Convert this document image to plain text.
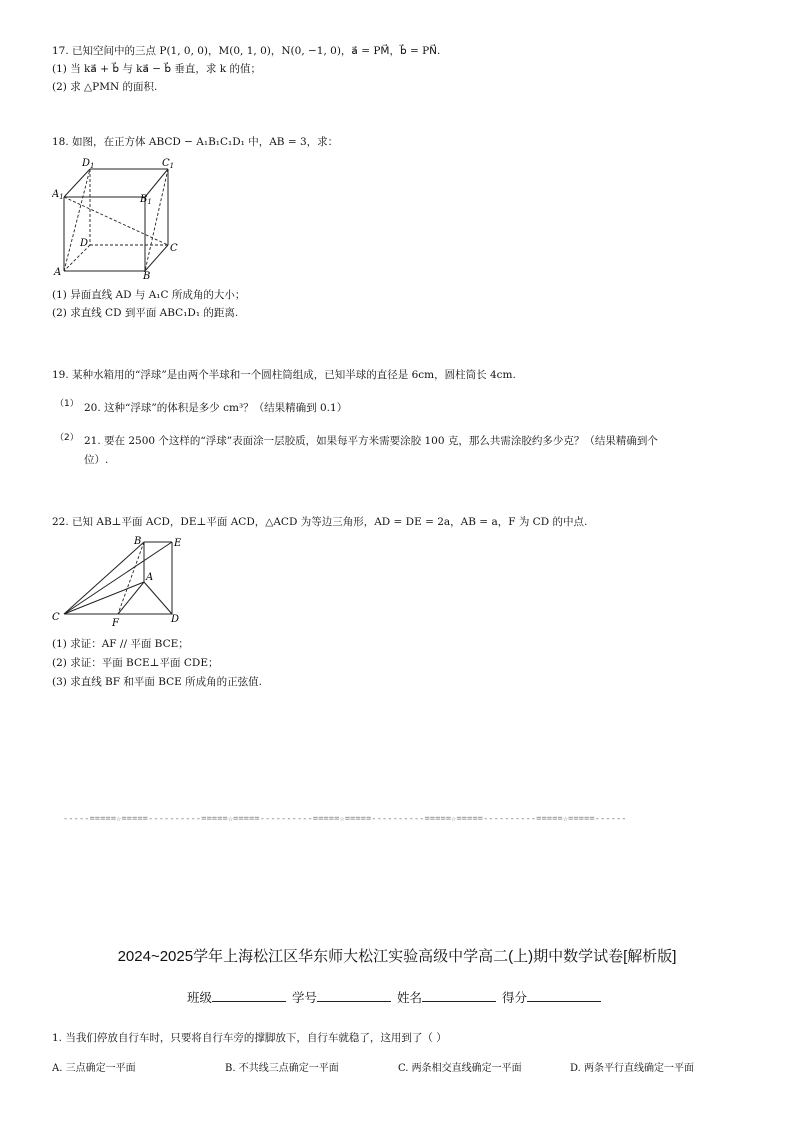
17. 已知空间中的三点 P(1, 0, 0)，M(0, 1, 0)，N(0, −1, 0)，a⃗ = PM⃗，b⃗ = PN⃗.
(1) 当 ka⃗ + b⃗ 与 ka⃗ − b⃗ 垂直，求 k 的值；
(2) 求 △PMN 的面积.
18. 如图，在正方体 ABCD − A₁B₁C₁D₁ 中，AB = 3，求：
$D_1$	$C_1$
$A_1$	$B_1$
D	C
A	B
(1) 异面直线 AD 与 A₁C 所成角的大小；
(2) 求直线 CD 到平面 ABC₁D₁ 的距离.
19. 某种水箱用的“浮球”是由两个半球和一个圆柱筒组成，已知半球的直径是 6cm，圆柱筒长 4cm.
（1） 20. 这种“浮球”的体积是多少 cm³？（结果精确到 0.1）
（2） 21. 要在 2500 个这样的“浮球”表面涂一层胶质，如果每平方米需要涂胶 100 克，那么共需涂胶约多少克？（结果精确到个
位）.
22. 已知 AB⊥平面 ACD，DE⊥平面 ACD，△ACD 为等边三角形，AD = DE = 2a，AB = a，F 为 CD 的中点.
B	E
A
C
F	D
(1) 求证：AF // 平面 BCE；
(2) 求证：平面 BCE⊥平面 CDE；
(3) 求直线 BF 和平面 BCE 所成角的正弦值.
-----=====☆=====----------=====☆=====----------=====☆=====----------=====☆=====----------=====☆=====------
2024~2025学年上海松江区华东师大松江实验高级中学高二(上)期中数学试卷[解析版]
班级	学号	姓名	得分
1. 当我们停放自行车时，只要将自行车旁的撑脚放下，自行车就稳了，这用到了（ ）
A. 三点确定一平面	B. 不共线三点确定一平面	C. 两条相交直线确定一平面	D. 两条平行直线确定一平面
